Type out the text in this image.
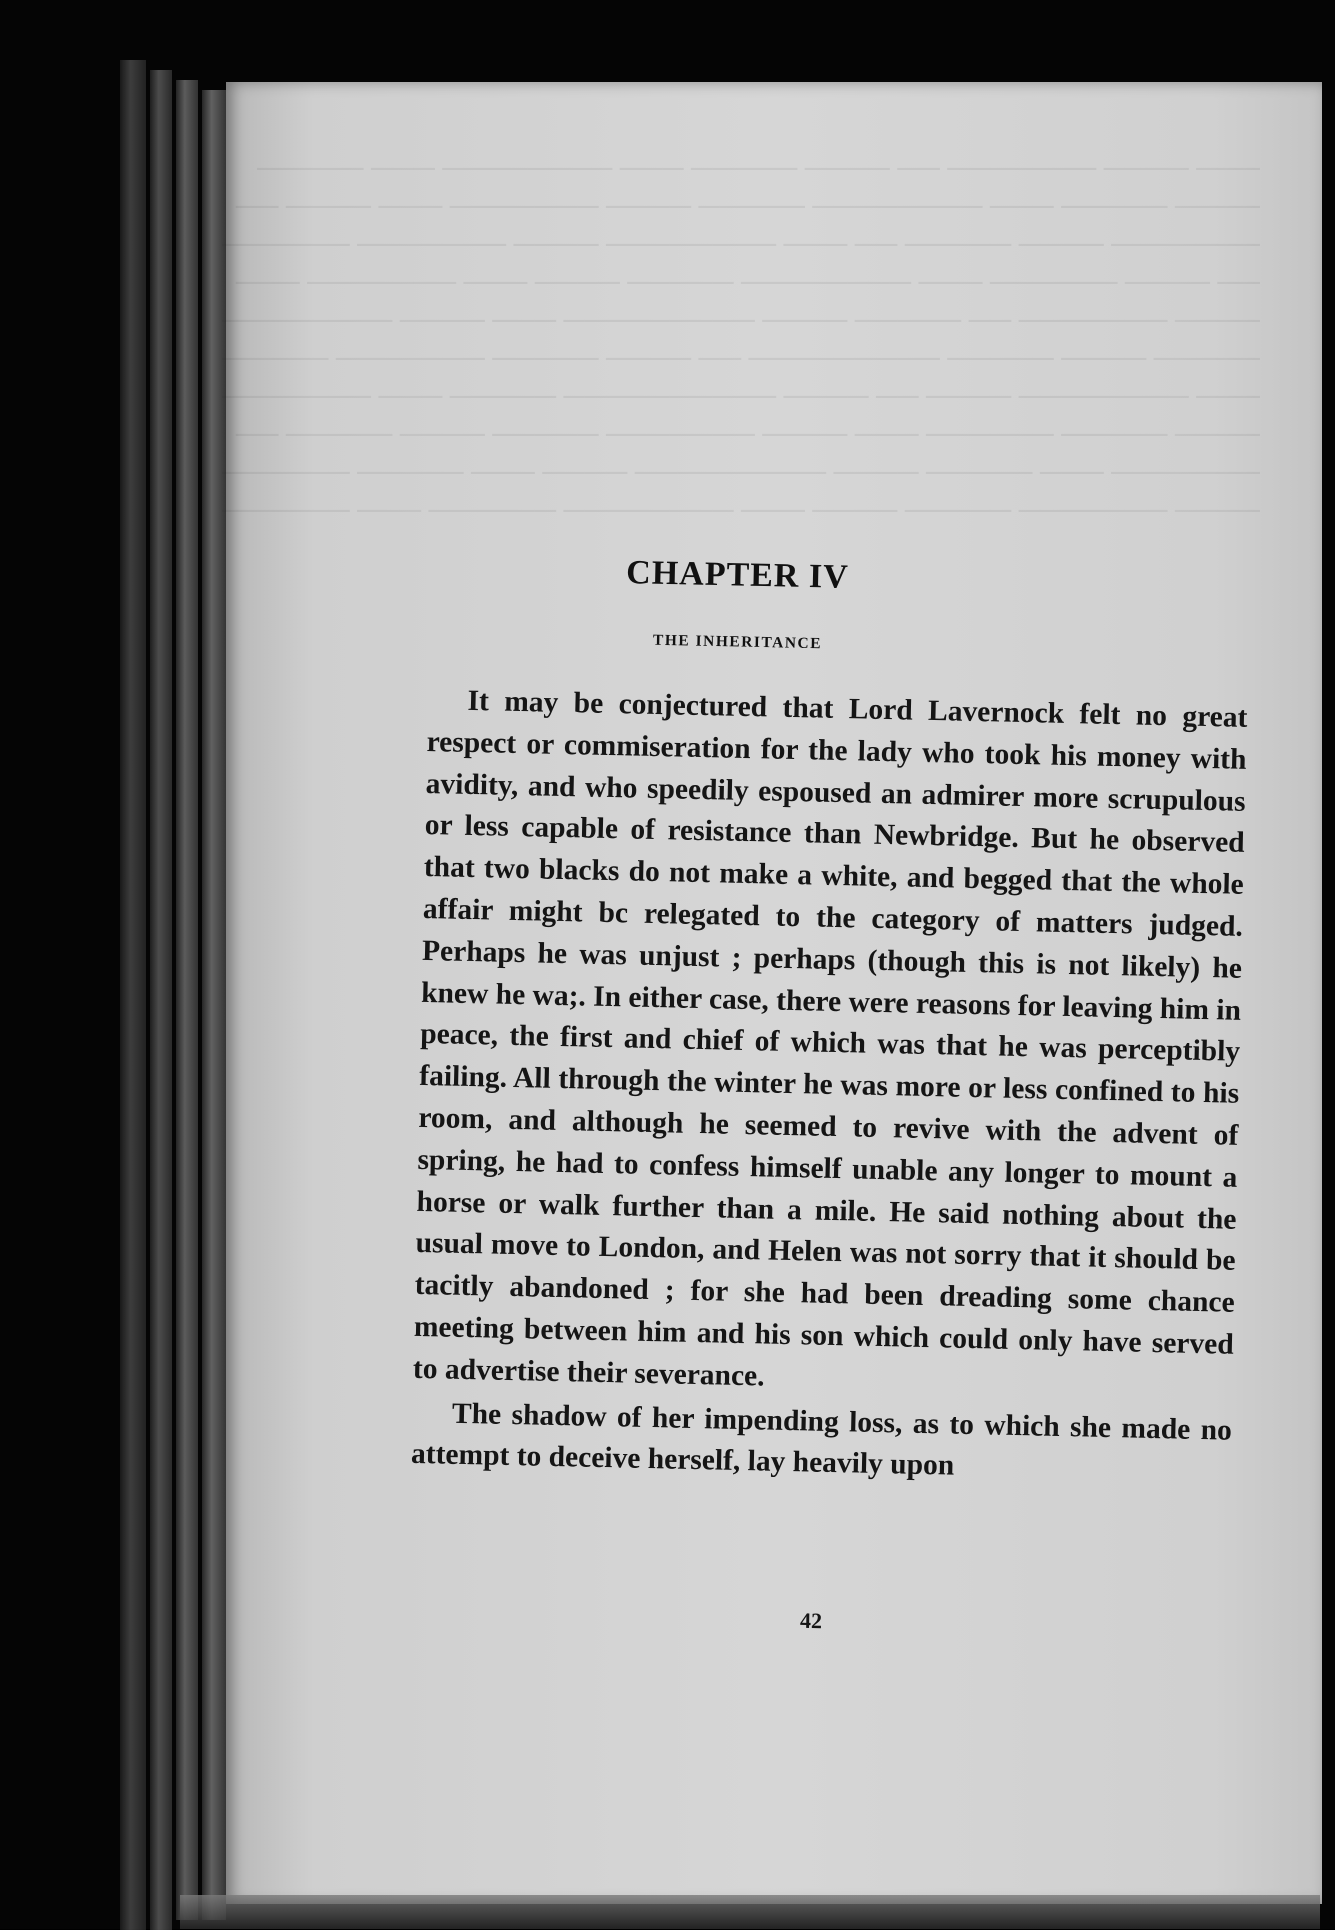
─── ──── ─────── ── ──── ───── ─── ──────── ─── ─────
──── ───── ─── ──────── ───── ──── ─────── ─── ──── ──
─────── ──── ───── ── ─── ──────── ──── ─────── ──────
── ──── ────── ─── ──────── ───── ──── ─── ─────── ───
──── ─────── ── ───── ──── ───────── ─── ──── ────────
───── ──── ───── ───────── ── ──── ───── ─────── ─────
─── ──────── ──── ── ──── ────────── ───── ─── ───────
──── ───── ────── ─── ──── ─────── ───── ──── ───── ──
─────── ─── ───── ──── ───────── ──── ─── ───── ──────
──── ─────── ───── ──── ─── ──────── ────── ─── ──────

CHAPTER IV
THE INHERITANCE

It may be conjectured that Lord Lavernock felt no great respect or commiseration for the lady who took his money with avidity, and who speedily espoused an admirer more scrupulous or less capable of resistance than Newbridge. But he observed that two blacks do not make a white, and begged that the whole affair might bc relegated to the category of matters judged. Perhaps he was unjust ; perhaps (though this is not likely) he knew he wa;. In either case, there were reasons for leaving him in peace, the first and chief of which was that he was perceptibly failing. All through the winter he was more or less confined to his room, and although he seemed to revive with the advent of spring, he had to confess himself unable any longer to mount a horse or walk further than a mile. He said nothing about the usual move to London, and Helen was not sorry that it should be tacitly abandoned ; for she had been dreading some chance meeting between him and his son which could only have served to advertise their severance.

The shadow of her impending loss, as to which she made no attempt to deceive herself, lay heavily upon

42
